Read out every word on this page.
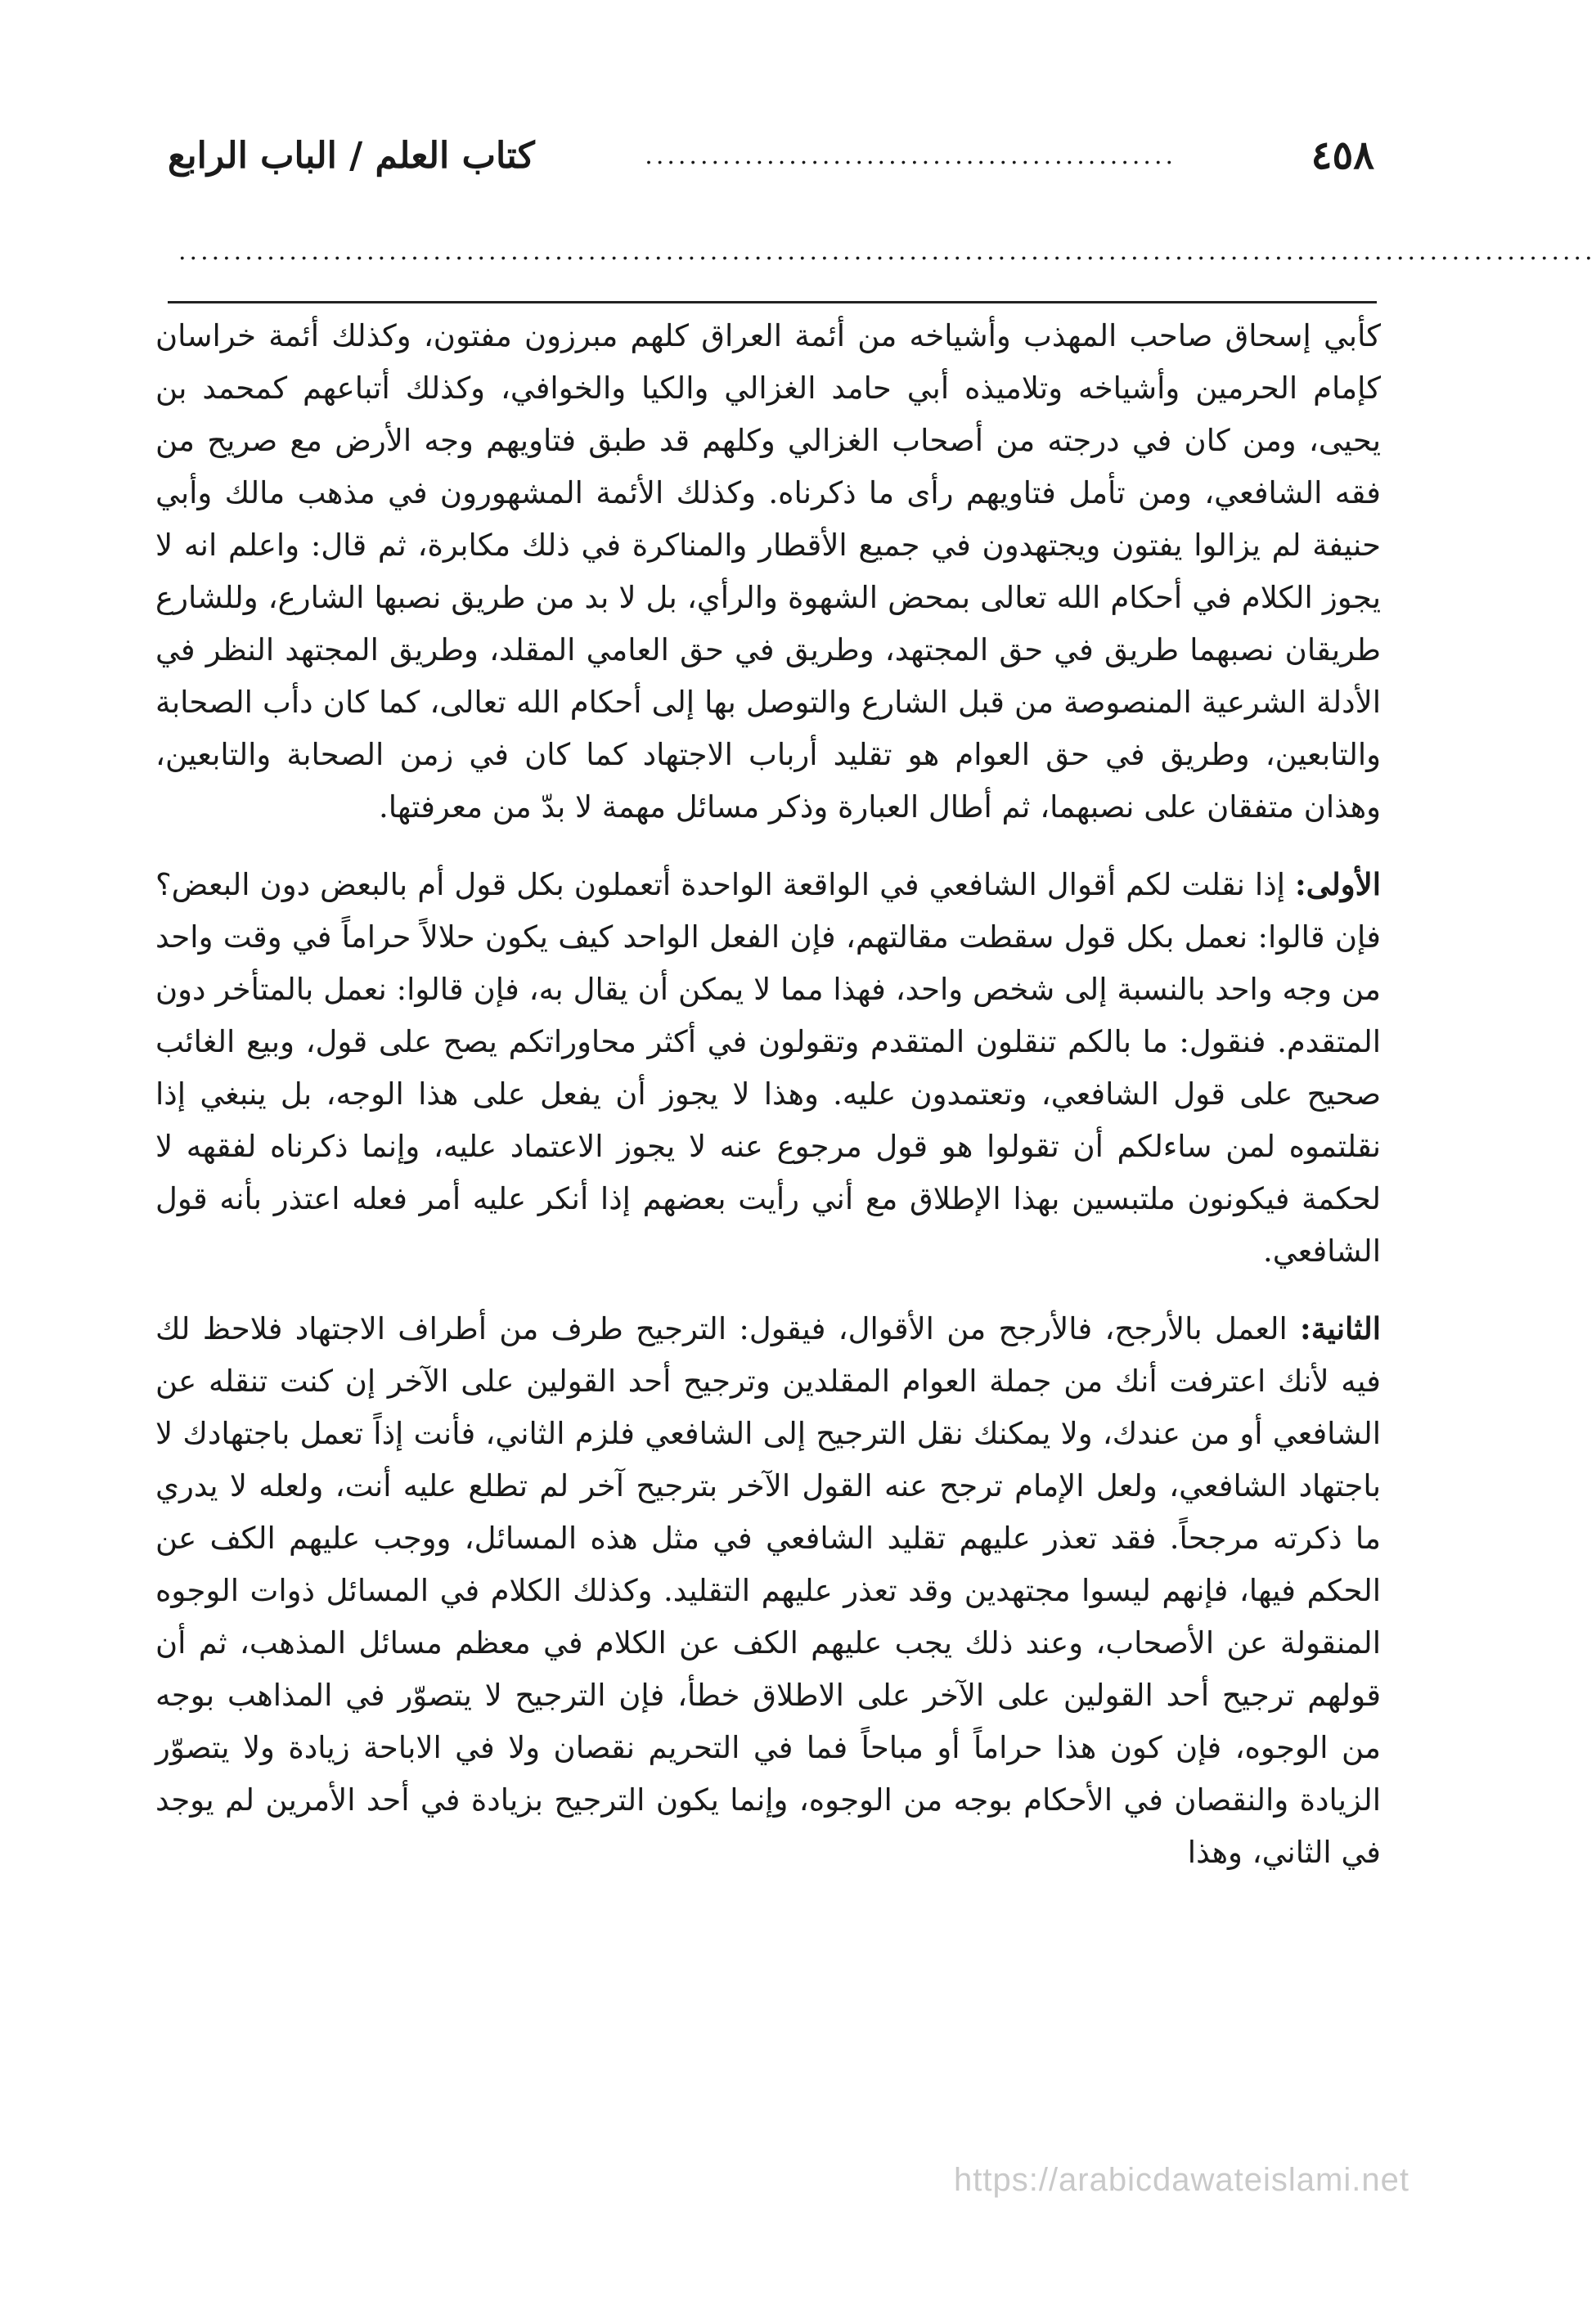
٤٥٨
................................................
كتاب العلم / الباب الرابع
................................................................................................................................

كأبي إسحاق صاحب المهذب وأشياخه من أئمة العراق كلهم مبرزون مفتون، وكذلك أئمة خراسان كإمام الحرمين وأشياخه وتلاميذه أبي حامد الغزالي والكيا والخوافي، وكذلك أتباعهم كمحمد بن يحيى، ومن كان في درجته من أصحاب الغزالي وكلهم قد طبق فتاويهم وجه الأرض مع صريح من فقه الشافعي، ومن تأمل فتاويهم رأى ما ذكرناه. وكذلك الأئمة المشهورون في مذهب مالك وأبي حنيفة لم يزالوا يفتون ويجتهدون في جميع الأقطار والمناكرة في ذلك مكابرة، ثم قال: واعلم انه لا يجوز الكلام في أحكام الله تعالى بمحض الشهوة والرأي، بل لا بد من طريق نصبها الشارع، وللشارع طريقان نصبهما طريق في حق المجتهد، وطريق في حق العامي المقلد، وطريق المجتهد النظر في الأدلة الشرعية المنصوصة من قبل الشارع والتوصل بها إلى أحكام الله تعالى، كما كان دأب الصحابة والتابعين، وطريق في حق العوام هو تقليد أرباب الاجتهاد كما كان في زمن الصحابة والتابعين، وهذان متفقان على نصبهما، ثم أطال العبارة وذكر مسائل مهمة لا بدّ من معرفتها.

الأولى: إذا نقلت لكم أقوال الشافعي في الواقعة الواحدة أتعملون بكل قول أم بالبعض دون البعض؟ فإن قالوا: نعمل بكل قول سقطت مقالتهم، فإن الفعل الواحد كيف يكون حلالاً حراماً في وقت واحد من وجه واحد بالنسبة إلى شخص واحد، فهذا مما لا يمكن أن يقال به، فإن قالوا: نعمل بالمتأخر دون المتقدم. فنقول: ما بالكم تنقلون المتقدم وتقولون في أكثر محاوراتكم يصح على قول، وبيع الغائب صحيح على قول الشافعي، وتعتمدون عليه. وهذا لا يجوز أن يفعل على هذا الوجه، بل ينبغي إذا نقلتموه لمن ساءلكم أن تقولوا هو قول مرجوع عنه لا يجوز الاعتماد عليه، وإنما ذكرناه لفقهه لا لحكمة فيكونون ملتبسين بهذا الإطلاق مع أني رأيت بعضهم إذا أنكر عليه أمر فعله اعتذر بأنه قول الشافعي.

الثانية: العمل بالأرجح، فالأرجح من الأقوال، فيقول: الترجيح طرف من أطراف الاجتهاد فلاحظ لك فيه لأنك اعترفت أنك من جملة العوام المقلدين وترجيح أحد القولين على الآخر إن كنت تنقله عن الشافعي أو من عندك، ولا يمكنك نقل الترجيح إلى الشافعي فلزم الثاني، فأنت إذاً تعمل باجتهادك لا باجتهاد الشافعي، ولعل الإمام ترجح عنه القول الآخر بترجيح آخر لم تطلع عليه أنت، ولعله لا يدري ما ذكرته مرجحاً. فقد تعذر عليهم تقليد الشافعي في مثل هذه المسائل، ووجب عليهم الكف عن الحكم فيها، فإنهم ليسوا مجتهدين وقد تعذر عليهم التقليد. وكذلك الكلام في المسائل ذوات الوجوه المنقولة عن الأصحاب، وعند ذلك يجب عليهم الكف عن الكلام في معظم مسائل المذهب، ثم أن قولهم ترجيح أحد القولين على الآخر على الاطلاق خطأ، فإن الترجيح لا يتصوّر في المذاهب بوجه من الوجوه، فإن كون هذا حراماً أو مباحاً فما في التحريم نقصان ولا في الاباحة زيادة ولا يتصوّر الزيادة والنقصان في الأحكام بوجه من الوجوه، وإنما يكون الترجيح بزيادة في أحد الأمرين لم يوجد في الثاني، وهذا

https://arabicdawateislami.net
